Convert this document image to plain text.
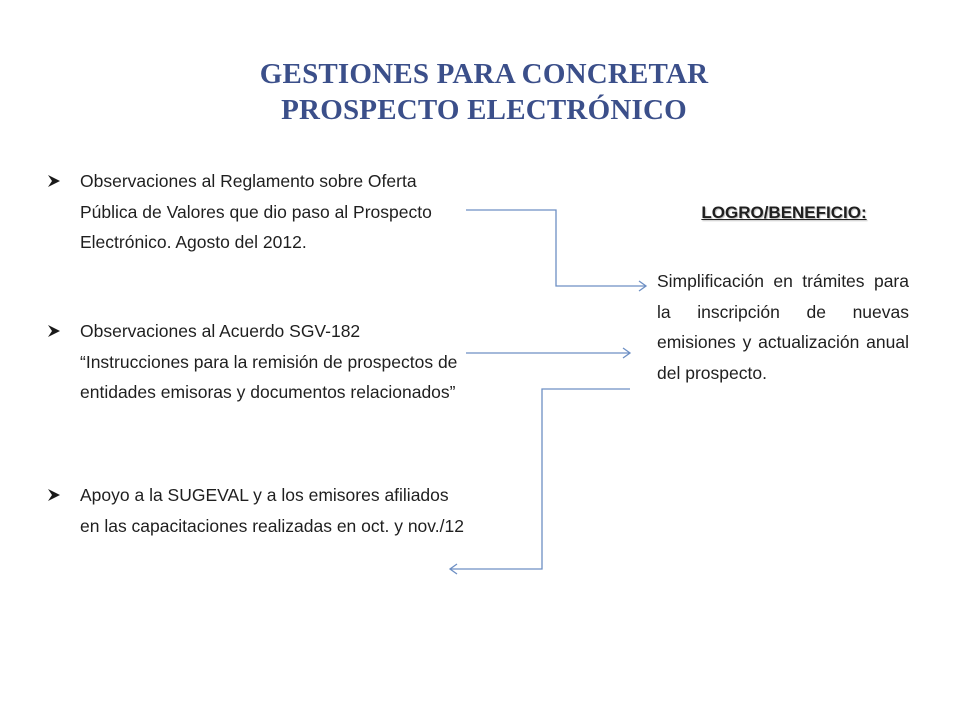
GESTIONES PARA CONCRETAR
PROSPECTO ELECTRÓNICO
Observaciones al Reglamento sobre Oferta Pública de Valores que dio paso al Prospecto Electrónico. Agosto del 2012.
Observaciones al Acuerdo SGV-182 “Instrucciones para la remisión de prospectos de entidades emisoras y documentos relacionados”
Apoyo a la SUGEVAL y a los emisores afiliados en las capacitaciones realizadas en oct. y nov./12
LOGRO/BENEFICIO:
Simplificación en trámites para la inscripción de nuevas emisiones y actualización anual del prospecto.
